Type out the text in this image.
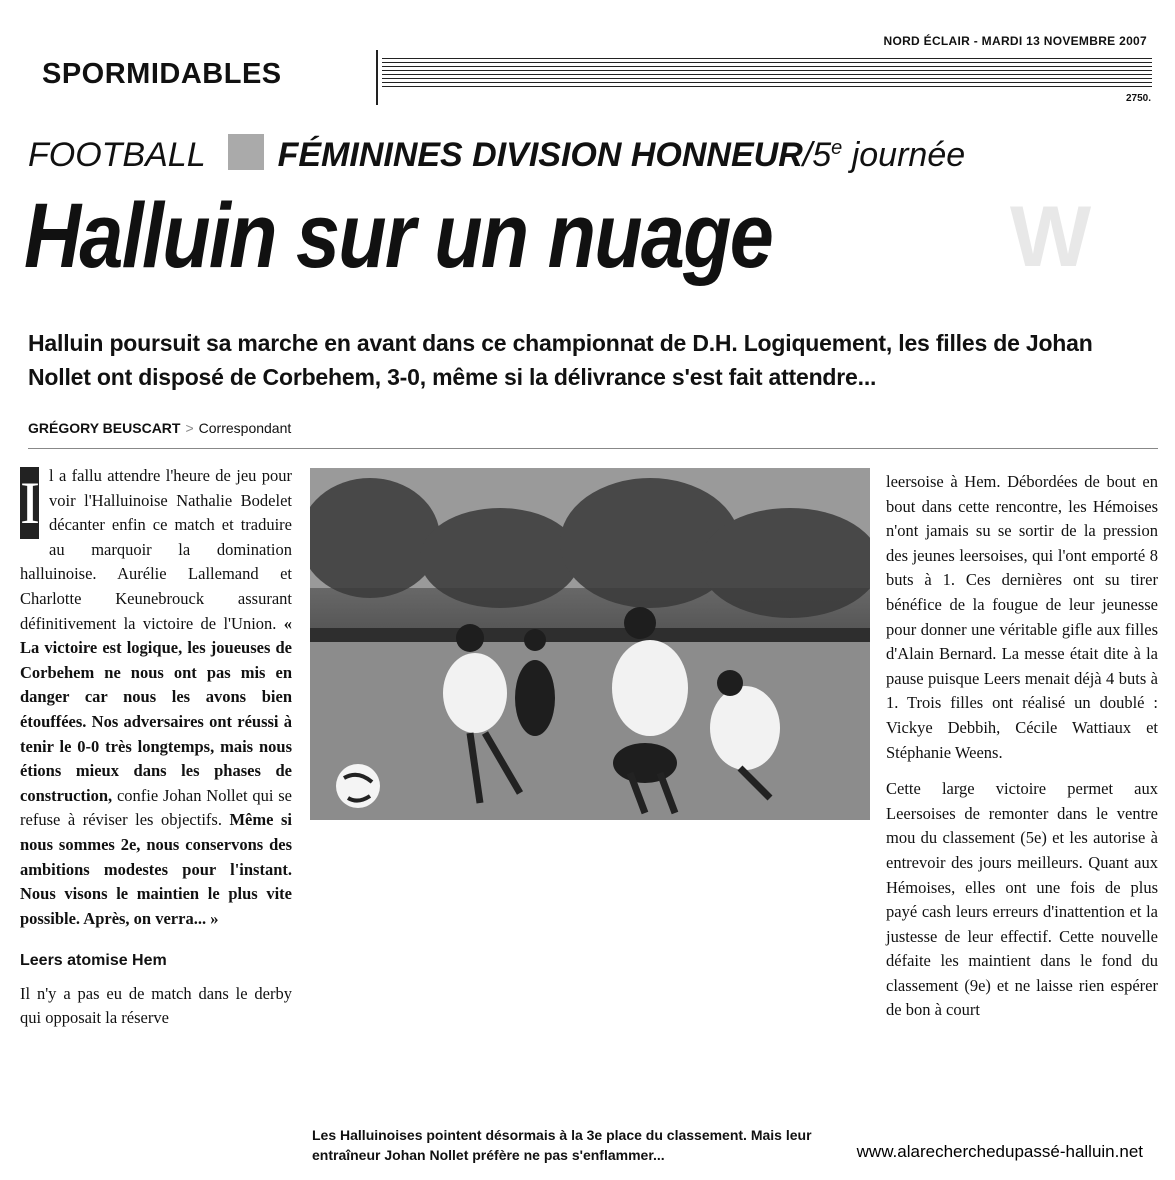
NORD ÉCLAIR - MARDI 13 NOVEMBRE 2007
SPORMIDABLES
2750.
FOOTBALL FÉMININES DIVISION HONNEUR/5e journée
W
Halluin sur un nuage
Halluin poursuit sa marche en avant dans ce championnat de D.H. Logiquement, les filles de Johan Nollet ont disposé de Corbehem, 3-0, même si la délivrance s'est fait attendre...
GRÉGORY BEUSCART > Correspondant

I l a fallu attendre l'heure de jeu pour voir l'Halluinoise Nathalie Bodelet décanter enfin ce match et traduire au marquoir la domination halluinoise. Aurélie Lallemand et Charlotte Keunebrouck assurant définitivement la victoire de l'Union. « La victoire est logique, les joueuses de Corbehem ne nous ont pas mis en danger car nous les avons bien étouffées. Nos adversaires ont réussi à tenir le 0-0 très longtemps, mais nous étions mieux dans les phases de construction, confie Johan Nollet qui se refuse à réviser les objectifs. Même si nous sommes 2e, nous conservons des ambitions modestes pour l'instant. Nous visons le maintien le plus vite possible. Après, on verra... »

Leers atomise Hem

Il n'y a pas eu de match dans le derby qui opposait la réserve

leersoise à Hem. Débordées de bout en bout dans cette rencontre, les Hémoises n'ont jamais su se sortir de la pression des jeunes leersoises, qui l'ont emporté 8 buts à 1. Ces dernières ont su tirer bénéfice de la fougue de leur jeunesse pour donner une véritable gifle aux filles d'Alain Bernard. La messe était dite à la pause puisque Leers menait déjà 4 buts à 1. Trois filles ont réalisé un doublé : Vickye Debbih, Cécile Wattiaux et Stéphanie Weens.

Cette large victoire permet aux Leersoises de remonter dans le ventre mou du classement (5e) et les autorise à entrevoir des jours meilleurs. Quant aux Hémoises, elles ont une fois de plus payé cash leurs erreurs d'inattention et la justesse de leur effectif. Cette nouvelle défaite les maintient dans le fond du classement (9e) et ne laisse rien espérer de bon à court

Les Halluinoises pointent désormais à la 3e place du classement. Mais leur entraîneur Johan Nollet préfère ne pas s'enflammer...	www.alarecherchedupassé-halluin.net
